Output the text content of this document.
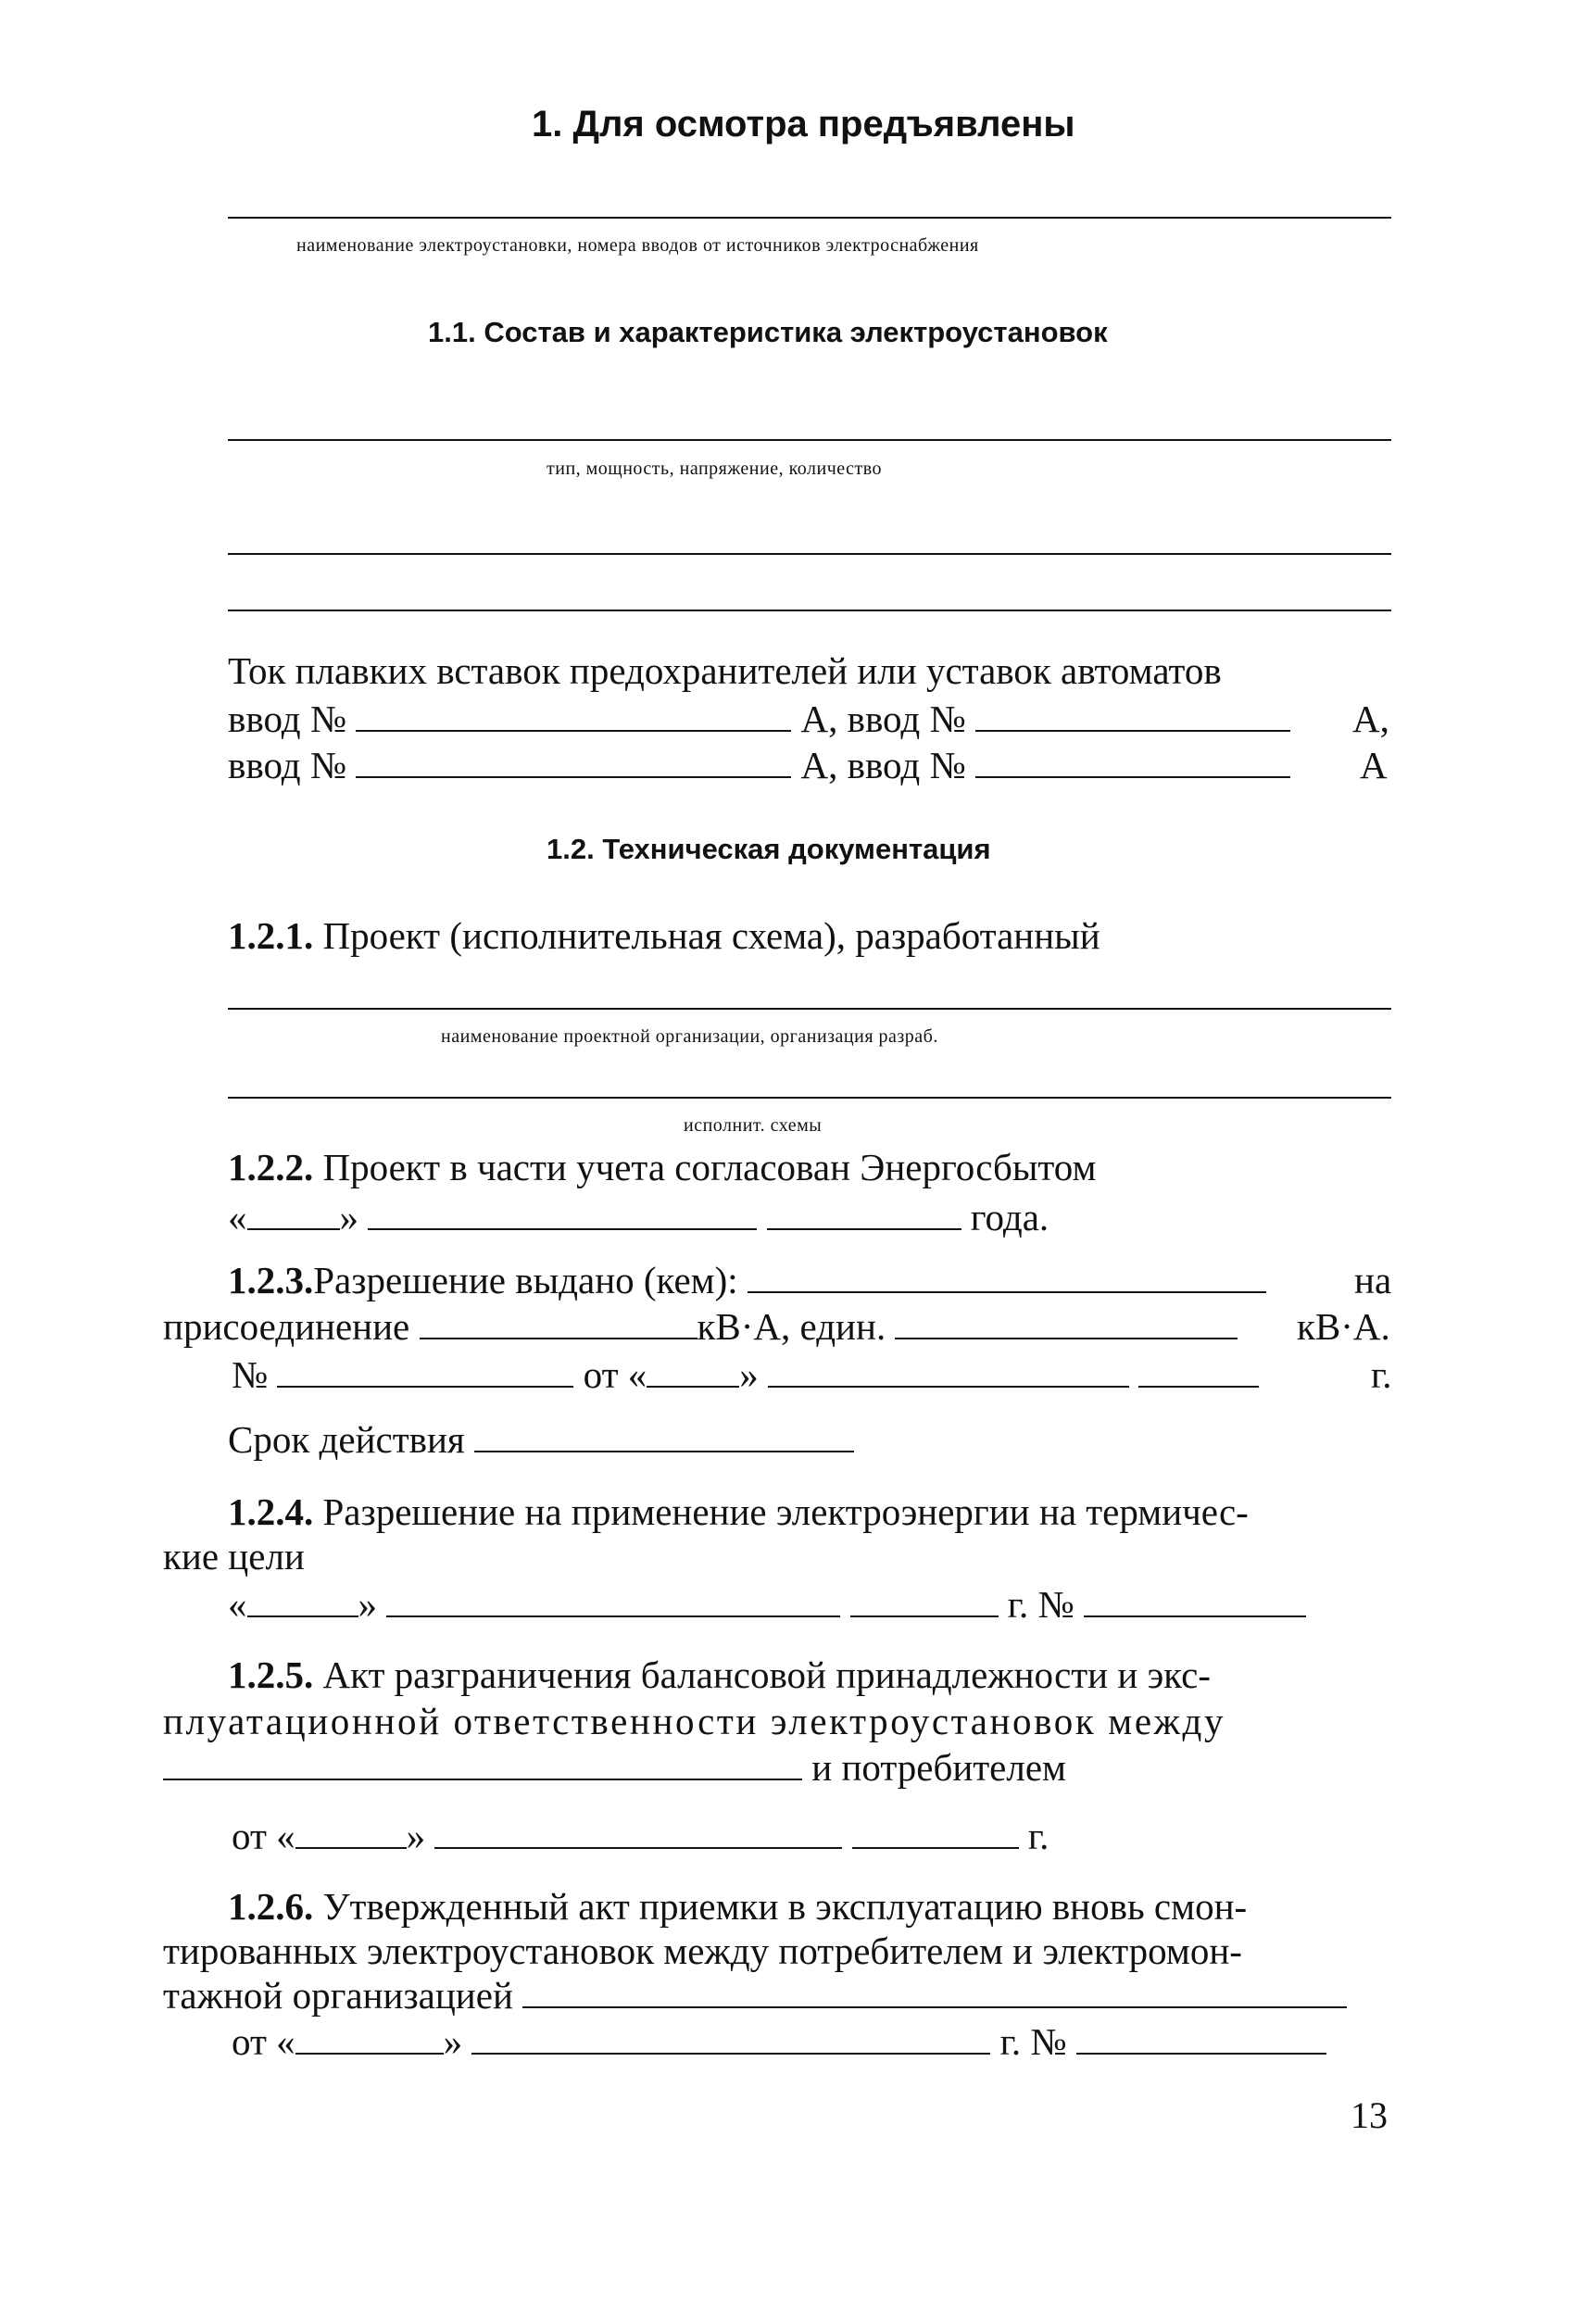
1. Для осмотра предъявлены
наименование электроустановки, номера вводов от источников электроснабжения
1.1. Состав и характеристика электроустановок
тип, мощность, напряжение, количество
Ток плавких вставок предохранителей или уставок автоматов
ввод №	А, ввод №	А,
ввод №	А, ввод №	А
1.2. Техническая документация
1.2.1. Проект (исполнительная схема), разработанный
наименование проектной организации, организация разраб.
исполнит. схемы
1.2.2. Проект в части учета согласован Энергосбытом
« »	года.
1.2.3.Разрешение выдано (кем):	на
присоединение	кВ·А, един.	кВ·А.
№	от « »	г.
Срок действия
1.2.4. Разрешение на применение электроэнергии на термичес-
кие цели
«	»	г. №
1.2.5. Акт разграничения балансовой принадлежности и экс-
плуатационной ответственности электроустановок между
и потребителем
от «	»	г.
1.2.6. Утвержденный акт приемки в эксплуатацию вновь смон-
тированных электроустановок между потребителем и электромон-
тажной организацией
от «	»	г. №
13
